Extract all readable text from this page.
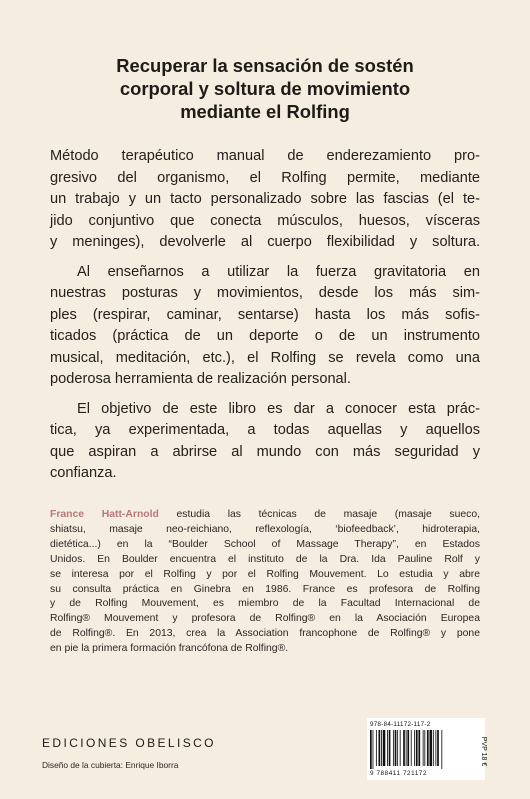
Recuperar la sensación de sostén
corporal y soltura de movimiento
mediante el Rolfing

Método terapéutico manual de enderezamiento pro-
gresivo del organismo, el Rolfing permite, mediante
un trabajo y un tacto personalizado sobre las fascias (el te-
jido conjuntivo que conecta músculos, huesos, vísceras
y meninges), devolverle al cuerpo flexibilidad y soltura.

Al enseñarnos a utilizar la fuerza gravitatoria en
nuestras posturas y movimientos, desde los más sim-
ples (respirar, caminar, sentarse) hasta los más sofis-
ticados (práctica de un deporte o de un instrumento
musical, meditación, etc.), el Rolfing se revela como una
poderosa herramienta de realización personal.

El objetivo de este libro es dar a conocer esta prác-
tica, ya experimentada, a todas aquellas y aquellos
que aspiran a abrirse al mundo con más seguridad y
confianza.

France Hatt-Arnold estudia las técnicas de masaje (masaje sueco,
shiatsu, masaje neo-reichiano, reflexología, ‘biofeedback’, hidroterapia,
dietética...) en la “Boulder School of Massage Therapy”, en Estados
Unidos. En Boulder encuentra el instituto de la Dra. Ida Pauline Rolf y
se interesa por el Rolfing y por el Rolfing Mouvement. Lo estudia y abre
su consulta práctica en Ginebra en 1986. France es profesora de Rolfing
y de Rolfing Mouvement, es miembro de la Facultad Internacional de
Rolfing® Mouvement y profesora de Rolfing® en la Asociación Europea
de Rolfing®. En 2013, crea la Association francophone de Rolfing® y pone
en pie la primera formación francófona de Rolfing®.
EDICIONES OBELISCO
Diseño de la cubierta: Enrique Iborra
978-84-11172-117-2
9 788411 721172
PVP 18 €
